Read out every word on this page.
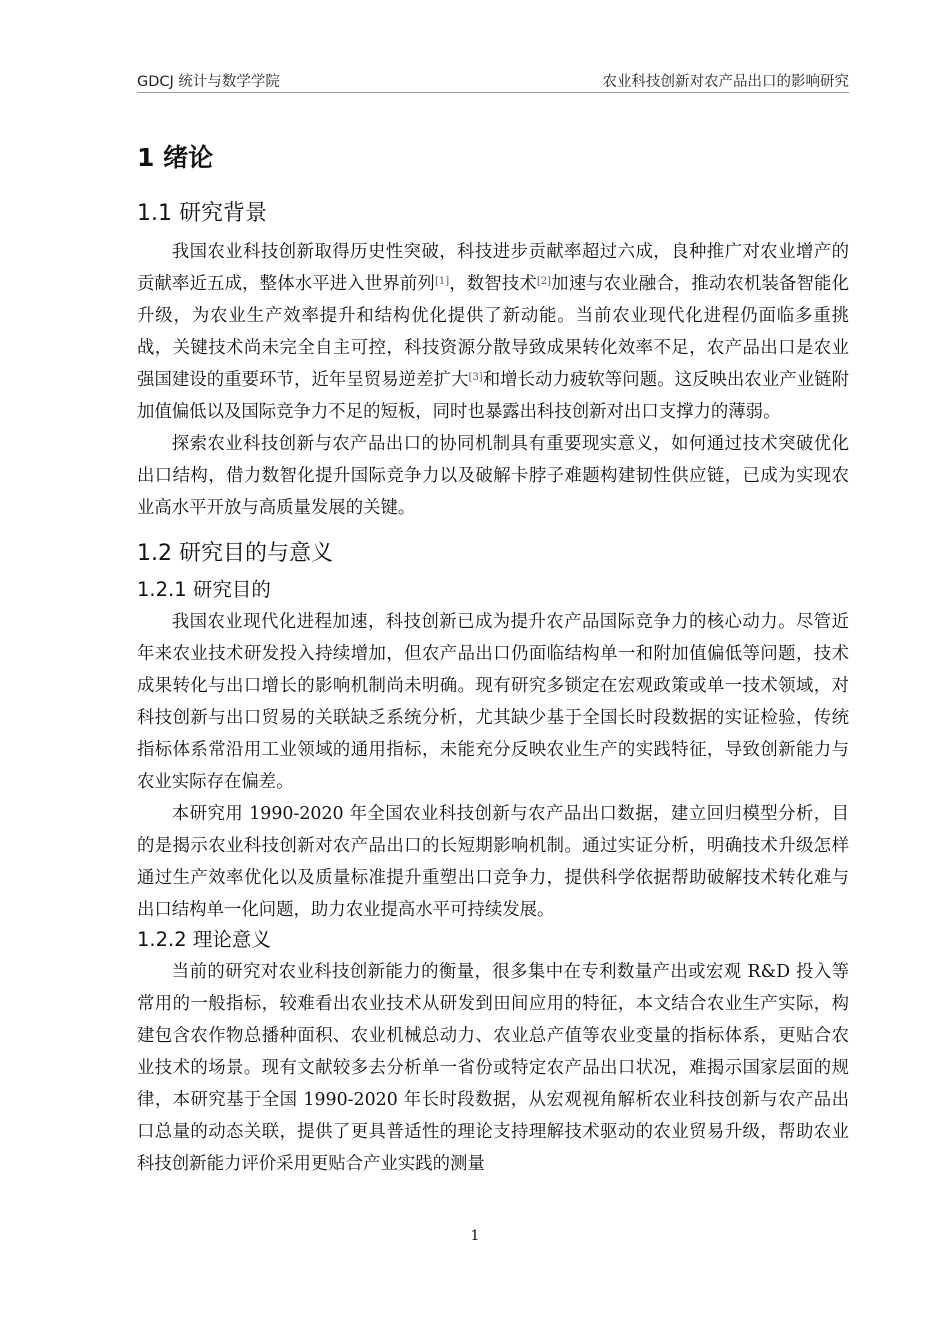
GDCJ 统计与数学学院	农业科技创新对农产品出口的影响研究
1 绪论
1.1 研究背景

我国农业科技创新取得历史性突破，科技进步贡献率超过六成，良种推广对农业增产的贡献率近五成，整体水平进入世界前列[1]，数智技术[2]加速与农业融合，推动农机装备智能化升级，为农业生产效率提升和结构优化提供了新动能。当前农业现代化进程仍面临多重挑战，关键技术尚未完全自主可控，科技资源分散导致成果转化效率不足，农产品出口是农业强国建设的重要环节，近年呈贸易逆差扩大[3]和增长动力疲软等问题。这反映出农业产业链附加值偏低以及国际竞争力不足的短板，同时也暴露出科技创新对出口支撑力的薄弱。

探索农业科技创新与农产品出口的协同机制具有重要现实意义，如何通过技术突破优化出口结构，借力数智化提升国际竞争力以及破解卡脖子难题构建韧性供应链，已成为实现农业高水平开放与高质量发展的关键。

1.2 研究目的与意义
1.2.1 研究目的

我国农业现代化进程加速，科技创新已成为提升农产品国际竞争力的核心动力。尽管近年来农业技术研发投入持续增加，但农产品出口仍面临结构单一和附加值偏低等问题，技术成果转化与出口增长的影响机制尚未明确。现有研究多锁定在宏观政策或单一技术领域，对科技创新与出口贸易的关联缺乏系统分析，尤其缺少基于全国长时段数据的实证检验，传统指标体系常沿用工业领域的通用指标，未能充分反映农业生产的实践特征，导致创新能力与农业实际存在偏差。

本研究用 1990-2020 年全国农业科技创新与农产品出口数据，建立回归模型分析，目的是揭示农业科技创新对农产品出口的长短期影响机制。通过实证分析，明确技术升级怎样通过生产效率优化以及质量标准提升重塑出口竞争力，提供科学依据帮助破解技术转化难与出口结构单一化问题，助力农业提高水平可持续发展。

1.2.2 理论意义

当前的研究对农业科技创新能力的衡量，很多集中在专利数量产出或宏观 R&D 投入等常用的一般指标，较难看出农业技术从研发到田间应用的特征，本文结合农业生产实际，构建包含农作物总播种面积、农业机械总动力、农业总产值等农业变量的指标体系，更贴合农业技术的场景。现有文献较多去分析单一省份或特定农产品出口状况，难揭示国家层面的规律，本研究基于全国 1990-2020 年长时段数据，从宏观视角解析农业科技创新与农产品出口总量的动态关联，提供了更具普适性的理论支持理解技术驱动的农业贸易升级，帮助农业科技创新能力评价采用更贴合产业实践的测量

1
